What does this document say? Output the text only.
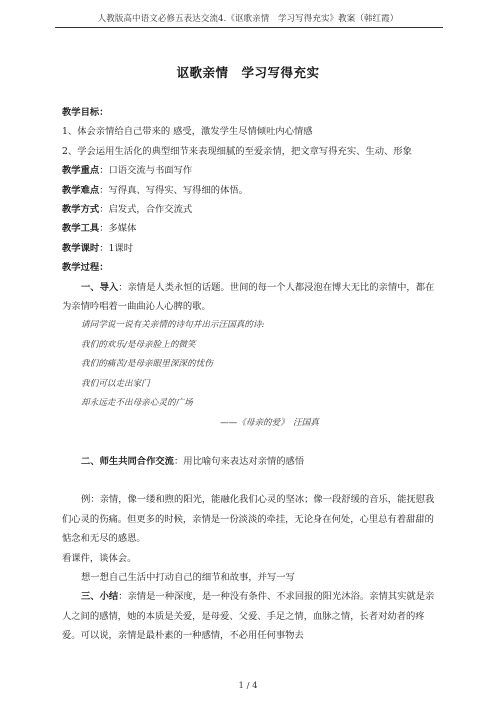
人教版高中语文必修五表达交流4.《讴歌亲情　学习写得充实》教案（韩红霞）
讴歌亲情　学习写得充实

教学目标：

1、体会亲情给自己带来的 感受，激发学生尽情倾吐内心情感

2、学会运用生活化的典型细节来表现细腻的至爱亲情，把文章写得充实、生动、形象

教学重点：口语交流与书面写作

教学难点：写得真、写得实、写得细的体悟。

教学方式：启发式，合作交流式

教学工具：多媒体

教学课时：1课时

教学过程：

一、导入：亲情是人类永恒的话题。世间的每一个人都浸泡在博大无比的亲情中，都在为亲情吟唱着一曲曲沁人心脾的歌。

请同学说一说有关亲情的诗句并出示汪国真的诗:
我们的欢乐/是母亲脸上的微笑
我们的痛苦/是母亲眼里深深的忧伤
我们可以走出家门
却永远走不出母亲心灵的广场
——《母亲的爱》　汪国真

二、师生共同合作交流：用比喻句来表达对亲情的感悟

例：亲情，像一缕和煦的阳光，能融化我们心灵的坚冰；像一段舒缓的音乐，能抚慰我们心灵的伤痛。但更多的时候，亲情是一份淡淡的牵挂，无论身在何处，心里总有着甜甜的惦念和无尽的感恩。

看课件，谈体会。

想一想自己生活中打动自己的细节和故事，并写一写

三、小结：亲情是一种深度，是一种没有条件、不求回报的阳光沐浴。亲情其实就是亲人之间的感情，她的本质是关爱，是母爱、父爱、手足之情，血脉之情，长者对幼者的疼爱。可以说，亲情是最朴素的一种感情，不必用任何事物去

1 / 4
